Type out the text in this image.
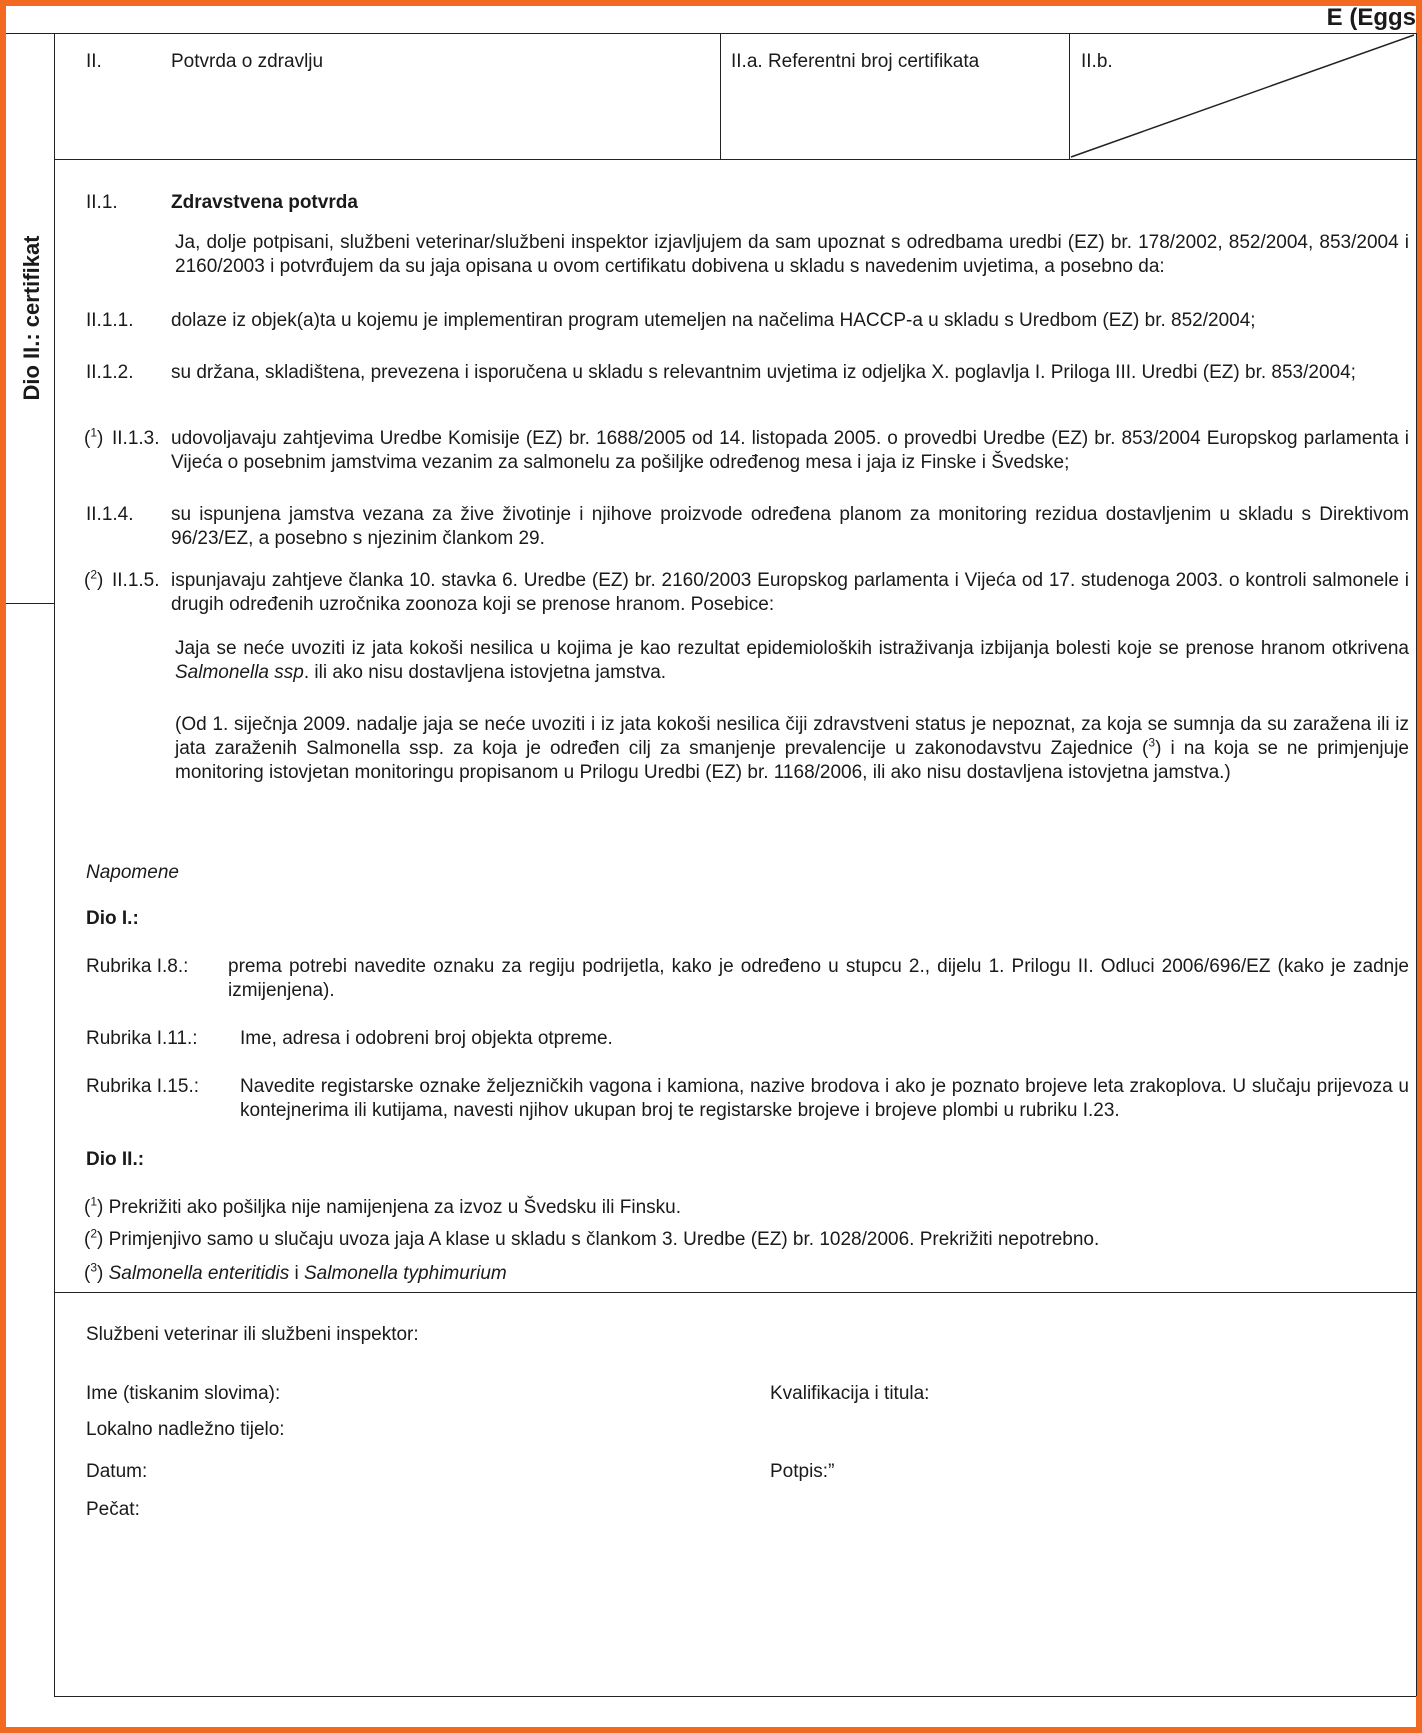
E (Eggs
Dio II.: certifikat
II.	Potvrda o zdravlju	II.a. Referentni broj certifikata	II.b.
II.1.	Zdravstvena potvrda
Ja, dolje potpisani, službeni veterinar/službeni inspektor izjavljujem da sam upoznat s odredbama uredbi (EZ) br. 178/2002, 852/2004, 853/2004 i 2160/2003 i potvrđujem da su jaja opisana u ovom certifikatu dobivena u skladu s navedenim uvjetima, a posebno da:
II.1.1. dolaze iz objek(a)ta u kojemu je implementiran program utemeljen na načelima HACCP-a u skladu s Uredbom (EZ) br. 852/2004;
II.1.2. su držana, skladištena, prevezena i isporučena u skladu s relevantnim uvjetima iz odjeljka X. poglavlja I. Priloga III. Uredbi (EZ) br. 853/2004;
($^1$) II.1.3. udovoljavaju zahtjevima Uredbe Komisije (EZ) br. 1688/2005 od 14. listopada 2005. o provedbi Uredbe (EZ) br. 853/2004 Europskog parlamenta i Vijeća o posebnim jamstvima vezanim za salmonelu za pošiljke određenog mesa i jaja iz Finske i Švedske;
II.1.4. su ispunjena jamstva vezana za žive životinje i njihove proizvode određena planom za monitoring rezidua dostavljenim u skladu s Direktivom 96/23/EZ, a posebno s njezinim člankom 29.
($^2$) II.1.5. ispunjavaju zahtjeve članka 10. stavka 6. Uredbe (EZ) br. 2160/2003 Europskog parlamenta i Vijeća od 17. studenoga 2003. o kontroli salmonele i drugih određenih uzročnika zoonoza koji se prenose hranom. Posebice:
Jaja se neće uvoziti iz jata kokoši nesilica u kojima je kao rezultat epidemioloških istraživanja izbijanja bolesti koje se prenose hranom otkrivena Salmonella ssp. ili ako nisu dostavljena istovjetna jamstva.
(Od 1. siječnja 2009. nadalje jaja se neće uvoziti i iz jata kokoši nesilica čiji zdravstveni status je nepoznat, za koja se sumnja da su zaražena ili iz jata zaraženih Salmonella ssp. za koja je određen cilj za smanjenje prevalencije u zakonodavstvu Zajednice ($^3$) i na koja se ne primjenjuje monitoring istovjetan monitoringu propisanom u Prilogu Uredbi (EZ) br. 1168/2006, ili ako nisu dostavljena istovjetna jamstva.)
Napomene
Dio I.:
Rubrika I.8.: prema potrebi navedite oznaku za regiju podrijetla, kako je određeno u stupcu 2., dijelu 1. Prilogu II. Odluci 2006/696/EZ (kako je zadnje izmijenjena).
Rubrika I.11.: Ime, adresa i odobreni broj objekta otpreme.
Rubrika I.15.: Navedite registarske oznake željezničkih vagona i kamiona, nazive brodova i ako je poznato brojeve leta zrakoplova. U slučaju prijevoza u kontejnerima ili kutijama, navesti njihov ukupan broj te registarske brojeve i brojeve plombi u rubriku I.23.
Dio II.:
($^1$) Prekrižiti ako pošiljka nije namijenjena za izvoz u Švedsku ili Finsku.
($^2$) Primjenjivo samo u slučaju uvoza jaja A klase u skladu s člankom 3. Uredbe (EZ) br. 1028/2006. Prekrižiti nepotrebno.
($^3$) Salmonella enteritidis i Salmonella typhimurium
Službeni veterinar ili službeni inspektor:
Ime (tiskanim slovima):	Kvalifikacija i titula:
Lokalno nadležno tijelo:
Datum:	Potpis:”
Pečat:
